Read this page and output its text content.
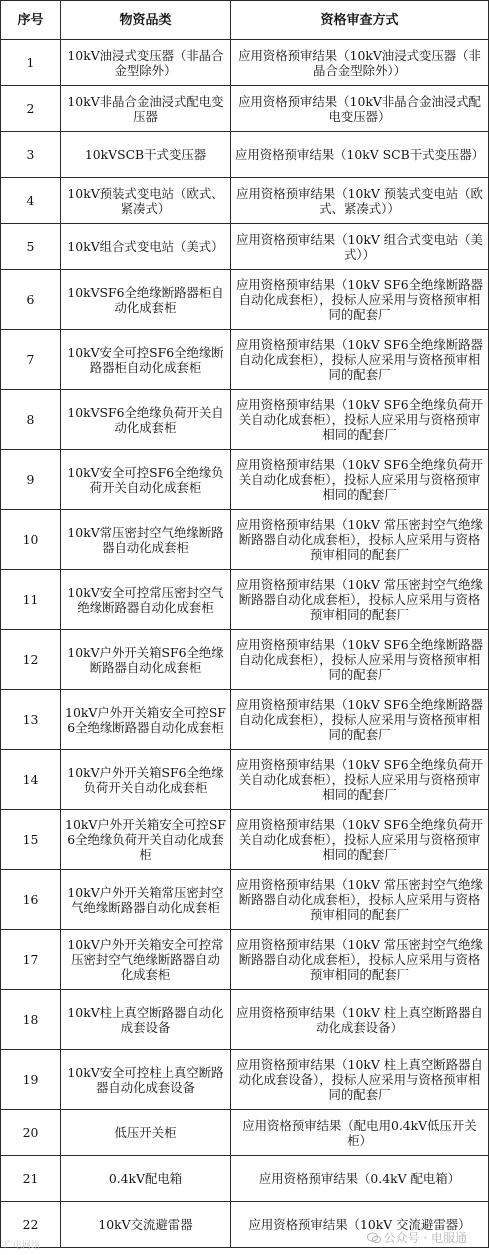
序号	物资品类	资格审查方式
1	10kV油浸式变压器（非晶合金型除外）	应用资格预审结果（10kV油浸式变压器（非晶合金型除外））
2	10kV非晶合金油浸式配电变压器	应用资格预审结果（10kV非晶合金油浸式配电变压器）
3	10kVSCB干式变压器	应用资格预审结果（10kV SCB干式变压器）
4	10kV预装式变电站（欧式、紧凑式）	应用资格预审结果（10kV 预装式变电站（欧式、紧凑式））
5	10kV组合式变电站（美式）	应用资格预审结果（10kV 组合式变电站（美式））
6	10kVSF6全绝缘断路器柜自动化成套柜	应用资格预审结果（10kV SF6全绝缘断路器自动化成套柜），投标人应采用与资格预审相同的配套厂
7	10kV安全可控SF6全绝缘断路器柜自动化成套柜	应用资格预审结果（10kV SF6全绝缘断路器自动化成套柜），投标人应采用与资格预审相同的配套厂
8	10kVSF6全绝缘负荷开关自动化成套柜	应用资格预审结果（10kV SF6全绝缘负荷开关自动化成套柜），投标人应采用与资格预审相同的配套厂
9	10kV安全可控SF6全绝缘负荷开关自动化成套柜	应用资格预审结果（10kV SF6全绝缘负荷开关自动化成套柜），投标人应采用与资格预审相同的配套厂
10	10kV常压密封空气绝缘断路器自动化成套柜	应用资格预审结果（10kV 常压密封空气绝缘断路器自动化成套柜），投标人应采用与资格预审相同的配套厂
11	10kV安全可控常压密封空气绝缘断路器自动化成套柜	应用资格预审结果（10kV 常压密封空气绝缘断路器自动化成套柜），投标人应采用与资格预审相同的配套厂
12	10kV户外开关箱SF6全绝缘断路器自动化成套柜	应用资格预审结果（10kV SF6全绝缘断路器自动化成套柜），投标人应采用与资格预审相同的配套厂
13	10kV户外开关箱安全可控SF6全绝缘断路器自动化成套柜	应用资格预审结果（10kV SF6全绝缘断路器自动化成套柜），投标人应采用与资格预审相同的配套厂
14	10kV户外开关箱SF6全绝缘负荷开关自动化成套柜	应用资格预审结果（10kV SF6全绝缘负荷开关自动化成套柜），投标人应采用与资格预审相同的配套厂
15	10kV户外开关箱安全可控SF6全绝缘负荷开关自动化成套柜	应用资格预审结果（10kV SF6全绝缘负荷开关自动化成套柜），投标人应采用与资格预审相同的配套厂
16	10kV户外开关箱常压密封空气绝缘断路器自动化成套柜	应用资格预审结果（10kV 常压密封空气绝缘断路器自动化成套柜），投标人应采用与资格预审相同的配套厂
17	10kV户外开关箱安全可控常压密封空气绝缘断路器自动化成套柜	应用资格预审结果（10kV 常压密封空气绝缘断路器自动化成套柜），投标人应采用与资格预审相同的配套厂
18	10kV柱上真空断路器自动化成套设备	应用资格预审结果（10kV 柱上真空断路器自动化成套设备）
19	10kV安全可控柱上真空断路器自动化成套设备	应用资格预审结果（10kV 柱上真空断路器自动化成套设备），投标人应采用与资格预审相同的配套厂
20	低压开关柜	应用资格预审结果（配电用0.4kV低压开关柜）
21	0.4kV配电箱	应用资格预审结果（0.4kV 配电箱）
22	10kV交流避雷器	应用资格预审结果（10kV 交流避雷器）
广电网络
公众号 · 电服通
